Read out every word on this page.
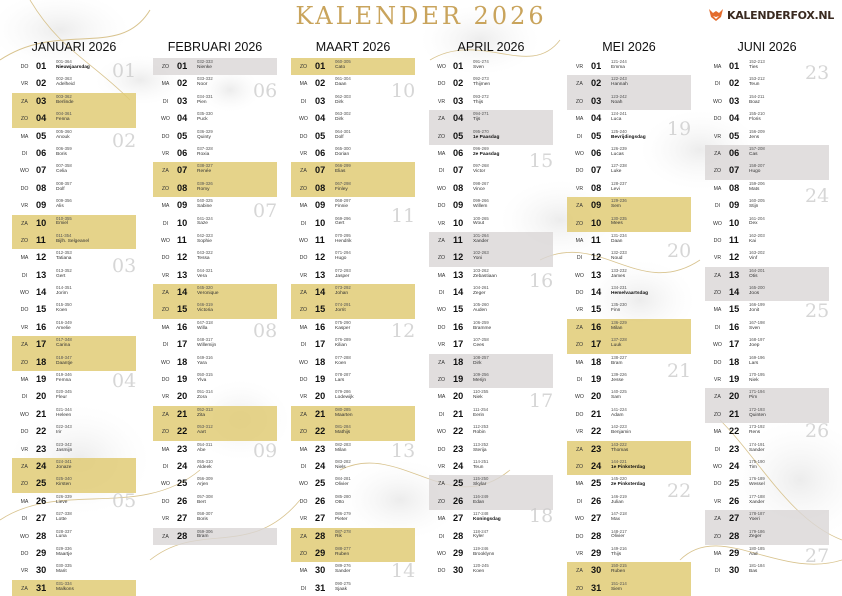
KALENDER 2026	KALENDERFOX.NL
JANUARI 2026
DO 01	001-364
Nieuwjaarsdag
VR 02	002-363
Adelheid
ZA 03	003-362
Berlinde
ZO 04	004-361
Fenna
MA 05	005-360
Anouk
DI 06	006-359
Boris
WO 07	007-358
Celia
DO 08	008-357
Dolf
VR 09	009-356
Alis
ZA 10	010-355
Emiel
ZO 11	011-354
Bijlh. Selgeanel
MA 12	012-353
Tatiana
DI 13	013-352
Gert
WO 14	014-351
Jorim
DO 15	015-350
Koen
VR 16	016-349
Amelie
ZA 17	017-348
Carina
ZO 18	018-347
Daantje
MA 19	019-346
Femna
DI 20	020-345
Fleur
WO 21	021-344
Heleen
DO 22	022-343
Irir
VR 23	023-342
Jasmijn
ZA 24	024-341
Jonaze
ZO 25	025-340
Kirsten
MA 26	026-339
Lieve
DI 27	027-338
Lotte
WO 28	028-337
Luna
DO 29	029-336
Maartje
VR 30	030-335
Marit
ZA 31	031-334
Malkons
FEBRUARI 2026
ZO 01	032-333
Nienke
MA 02	033-332
Noor
DI 03	034-331
Pien
WO 04	035-330
Puck
DO 05	036-329
Quinty
VR 06	037-328
Roxia
ZA 07	038-327
Renée
ZO 08	039-326
Romy
MA 09	040-325
Sabine
DI 10	041-324
Saze
WO 11	042-323
Sophie
DO 12	043-322
Tessa
VR 13	044-321
Vera
ZA 14	045-320
Veronique
ZO 15	046-319
Victoria
MA 16	047-318
Willa
DI 17	048-317
Willemijn
WO 18	049-316
Yara
DO 19	050-315
Ylva
VR 20	051-314
Zora
ZA 21	052-313
Zita
ZO 22	053-312
Aart
MA 23	054-311
Abe
DI 24	055-310
Aldeek
WO 25	056-309
Arjen
DO 26	057-308
Bert
VR 27	058-307
Boris
ZA 28	059-306
Bram
MAART 2026
ZO 01	060-305
Cato
MA 02	061-304
Daan
DI 03	062-303
Dirk
WO 04	063-302
Dirk
DO 05	064-301
Dolf
VR 06	065-300
Dorian
ZA 07	066-299
Elias
ZO 08	067-298
Finley
MA 09	068-297
Finnie
DI 10	069-296
Gert
WO 11	070-295
Hendrik
DO 12	071-294
Hugo
VR 13	072-293
Jasper
ZA 14	073-292
Johan
ZO 15	074-291
Jorrit
MA 16	075-290
Kasper
DI 17	076-289
Kilian
WO 18	077-288
Koen
DO 19	078-287
Lars
VR 20	079-286
Lodewijk
ZA 21	080-285
Maarten
ZO 22	081-284
Mathijs
MA 23	082-283
Milan
DI 24	083-282
Niels
WO 25	084-281
Olivier
DO 26	085-280
Otto
VR 27	086-279
Pieter
ZA 28	087-278
Rik
ZO 29	088-277
Ruben
MA 30	089-276
Sander
DI 31	090-275
Sjaak
APRIL 2026
WO 01	091-274
Sven
DO 02	092-273
Thijmen
VR 03	093-272
Thijs
ZA 04	094-271
Tijs
ZO 05	095-270
1e Paasdag
MA 06	096-269
2e Paasdag
DI 07	097-268
Victor
WO 08	098-267
Vince
DO 09	099-266
Willem
VR 10	100-265
Wout
ZA 11	101-264
Xander
ZO 12	102-263
Yoni
MA 13	103-262
Zebastiaan
DI 14	104-261
Zeger
WO 15	105-260
Auden
DO 16	106-259
Bramme
VR 17	107-258
Cees
ZA 18	108-257
Dirk
ZO 19	109-256
Merijn
MA 20	110-255
Niek
DI 21	111-254
Eerin
WO 22	112-253
Robin
DO 23	113-252
Sterija
VR 24	114-251
Teun
ZA 25	115-250
Skylar
ZO 26	116-249
Edan
MA 27	117-248
Koningsdag
DI 28	118-247
Kyler
WO 29	119-246
Brooklynn
DO 30	120-245
Koen
MEI 2026
VR 01	121-244
Emma
ZA 02	122-243
Hannah
ZO 03	123-242
Noah
MA 04	124-241
Luca
DI 05	125-240
Bevrijdingsdag
WO 06	126-239
Lucas
DO 07	127-238
Luke
VR 08	128-237
Levi
ZA 09	129-236
Sem
ZO 10	130-235
Mees
MA 11	131-234
Daan
DI 12	132-233
Noud
WO 13	133-232
James
DO 14	134-231
Hemelvaartsdag
VR 15	135-230
Finn
ZA 16	136-229
Milan
ZO 17	137-228
Luuk
MA 18	138-227
Bram
DI 19	139-226
Jesse
WO 20	140-225
Sam
DO 21	141-224
Adam
VR 22	142-223
Benjamin
ZA 23	143-222
Thomas
ZO 24	144-221
1e Pinksterdag
MA 25	145-220
2e Pinksterdag
DI 26	146-219
Julian
WO 27	147-218
Max
DO 28	148-217
Olivier
VR 29	149-216
Thijs
ZA 30	150-215
Ruben
ZO 31	151-214
Siem
JUNI 2026
MA 01	152-213
Ties
DI 02	153-212
Teun
WO 03	154-211
Boaz
DO 04	155-210
Floris
VR 05	156-209
Jens
ZA 06	157-208
Cas
ZO 07	158-207
Hugo
MA 08	159-206
Mats
DI 09	160-205
Stijn
WO 10	161-204
Dex
DO 11	162-203
Kai
VR 12	163-202
Vinf
ZA 13	164-201
Otis
ZO 14	165-200
Joos
MA 15	166-199
Jonit
DI 16	167-198
Sven
WO 17	168-197
Joep
DO 18	169-196
Lars
VR 19	170-195
Niek
ZA 20	171-194
Pim
ZO 21	172-193
Quinten
MA 22	173-192
Rens
DI 23	174-191
Sander
WO 24	175-190
Tim
DO 25	176-189
Wessel
VR 26	177-188
Xander
ZA 27	178-187
Yoeri
ZO 28	179-186
Zeger
MA 29	180-185
Aad
DI 30	181-184
Bas
01
02
03
04
05
06
07
08
09
10
11
12
13
14
15
16
17
18
19
20
21
22
23
24
25
26
27
